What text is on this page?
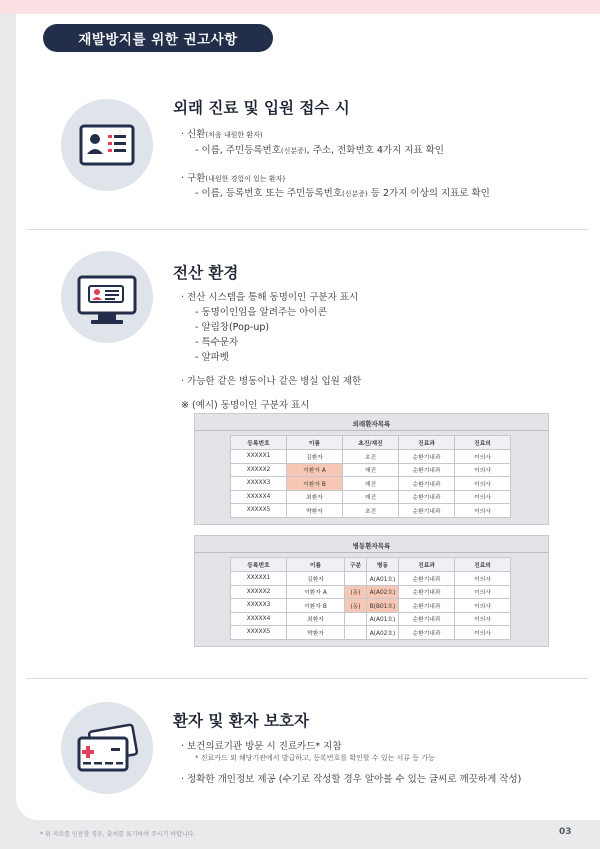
재발방지를 위한 권고사항
외래 진료 및 입원 접수 시
· 신환(처음 내원한 환자)
- 이름, 주민등록번호(신분증), 주소, 전화번호 4가지 지표 확인
· 구환(내원한 경험이 있는 환자)
- 이름, 등록번호 또는 주민등록번호(신분증) 등 2가지 이상의 지표로 확인
전산 환경
· 전산 시스템을 통해 동명이인 구분자 표시
- 동명이인임을 알려주는 아이콘
- 알림창(Pop-up)
- 특수문자
- 알파벳
· 가능한 같은 병동이나 같은 병실 입원 제한
※ (예시) 동명이인 구분자 표시
외래환자목록
등록번호	이름	초진/재진	진료과	진료의
XXXXX1	김환자	초진	순환기내과	이의사
XXXXX2	이환자 A	재진	순환기내과	이의사
XXXXX3	이환자 B	재진	순환기내과	이의사
XXXXX4	최환자	재진	순환기내과	이의사
XXXXX5	박환자	초진	순환기내과	이의사
병동환자목록
등록번호	이름	구분	병동	진료과	진료의
XXXXX1	김환자		A(A01호)	순환기내과	이의사
XXXXX2	이환자 A	(동)	A(A02호)	순환기내과	이의사
XXXXX3	이환자 B	(동)	B(B01호)	순환기내과	이의사
XXXXX4	최환자		A(A01호)	순환기내과	이의사
XXXXX5	박환자		A(A02호)	순환기내과	이의사
환자 및 환자 보호자
· 보건의료기관 방문 시 진료카드* 지참
* 진료카드 외 해당기관에서 발급하고, 등록번호를 확인할 수 있는 서류 등 가능
· 정확한 개인정보 제공 (수기로 작성할 경우 알아볼 수 있는 글씨로 깨끗하게 작성)
* 위 자료를 인용할 경우, 출처를 표기하여 주시기 바랍니다.	03
